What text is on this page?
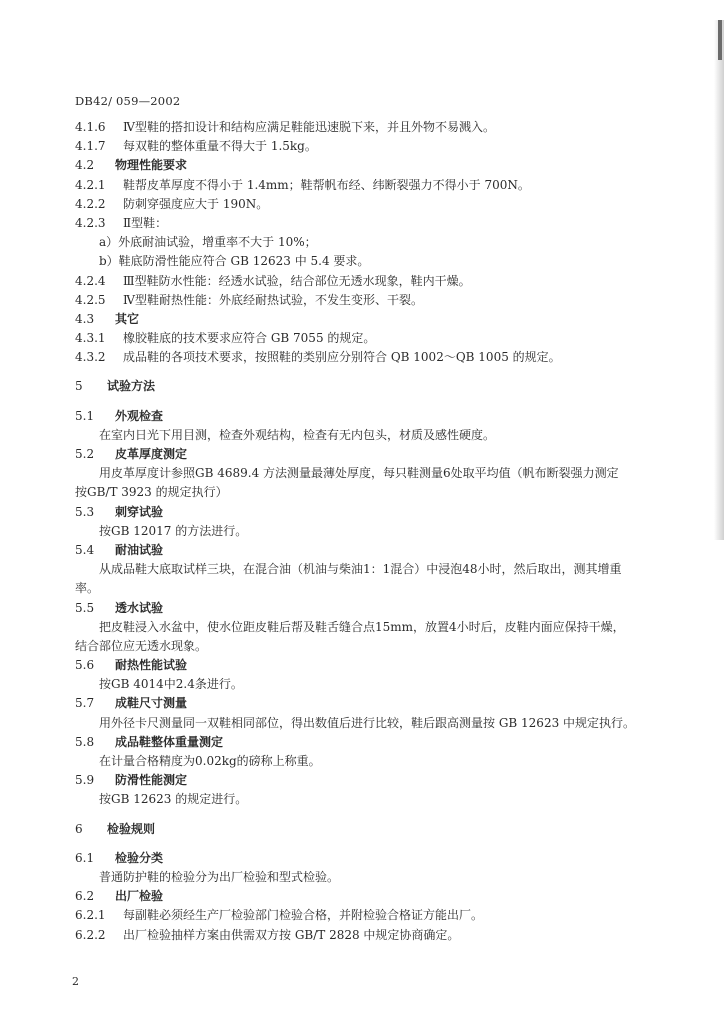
DB42/ 059—2002
4.1.6 Ⅳ型鞋的搭扣设计和结构应满足鞋能迅速脱下来，并且外物不易溅入。
4.1.7 每双鞋的整体重量不得大于 1.5kg。
4.2 物理性能要求
4.2.1 鞋帮皮革厚度不得小于 1.4mm；鞋帮帆布经、纬断裂强力不得小于 700N。
4.2.2 防刺穿强度应大于 190N。
4.2.3 Ⅱ型鞋：
a）外底耐油试验，增重率不大于 10%；
b）鞋底防滑性能应符合 GB 12623 中 5.4 要求。
4.2.4 Ⅲ型鞋防水性能：经透水试验，结合部位无透水现象，鞋内干燥。
4.2.5 Ⅳ型鞋耐热性能：外底经耐热试验，不发生变形、干裂。
4.3 其它
4.3.1 橡胶鞋底的技术要求应符合 GB 7055 的规定。
4.3.2 成品鞋的各项技术要求，按照鞋的类别应分别符合 QB 1002～QB 1005 的规定。
5 试验方法
5.1 外观检查
在室内日光下用目测，检查外观结构，检查有无内包头，材质及感性硬度。
5.2 皮革厚度测定
用皮革厚度计参照GB 4689.4 方法测量最薄处厚度，每只鞋测量6处取平均值（帆布断裂强力测定
按GB/T 3923 的规定执行）
5.3 刺穿试验
按GB 12017 的方法进行。
5.4 耐油试验
从成品鞋大底取试样三块，在混合油（机油与柴油1：1混合）中浸泡48小时，然后取出，测其增重
率。
5.5 透水试验
把皮鞋浸入水盆中，使水位距皮鞋后帮及鞋舌缝合点15mm，放置4小时后，皮鞋内面应保持干燥，
结合部位应无透水现象。
5.6 耐热性能试验
按GB 4014中2.4条进行。
5.7 成鞋尺寸测量
用外径卡尺测量同一双鞋相同部位，得出数值后进行比较，鞋后跟高测量按 GB 12623 中规定执行。
5.8 成品鞋整体重量测定
在计量合格精度为0.02kg的磅称上称重。
5.9 防滑性能测定
按GB 12623 的规定进行。
6 检验规则
6.1 检验分类
普通防护鞋的检验分为出厂检验和型式检验。
6.2 出厂检验
6.2.1 每副鞋必须经生产厂检验部门检验合格，并附检验合格证方能出厂。
6.2.2 出厂检验抽样方案由供需双方按 GB/T 2828 中规定协商确定。
2
